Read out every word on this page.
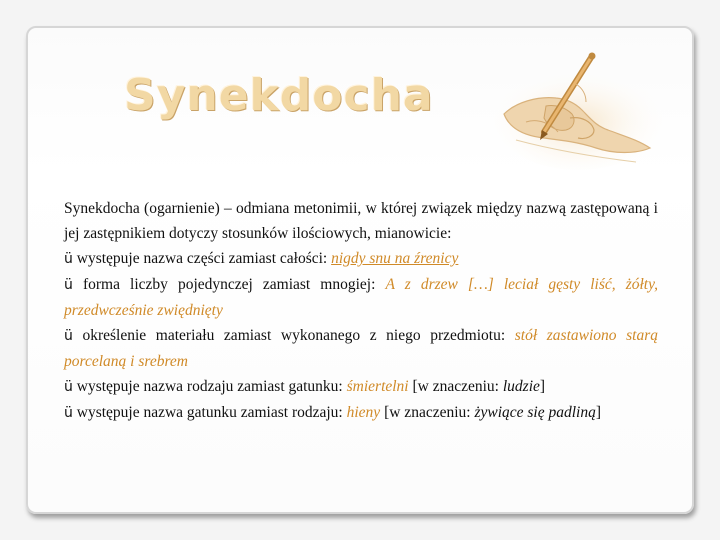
Synekdocha

Synekdocha (ogarnienie) – odmiana metonimii, w której związek między nazwą zastępowaną i jej zastępnikiem dotyczy stosunków ilościowych, mianowicie:

ü występuje nazwa części zamiast całości: nigdy snu na źrenicy

ü forma liczby pojedynczej zamiast mnogiej: A z drzew […] leciał gęsty liść, żółty, przedwcześnie zwiędnięty

ü określenie materiału zamiast wykonanego z niego przedmiotu: stół zastawiono starą porcelaną i srebrem

ü występuje nazwa rodzaju zamiast gatunku: śmiertelni [w znaczeniu: ludzie]

ü występuje nazwa gatunku zamiast rodzaju: hieny [w znaczeniu: żywiące się padliną]
